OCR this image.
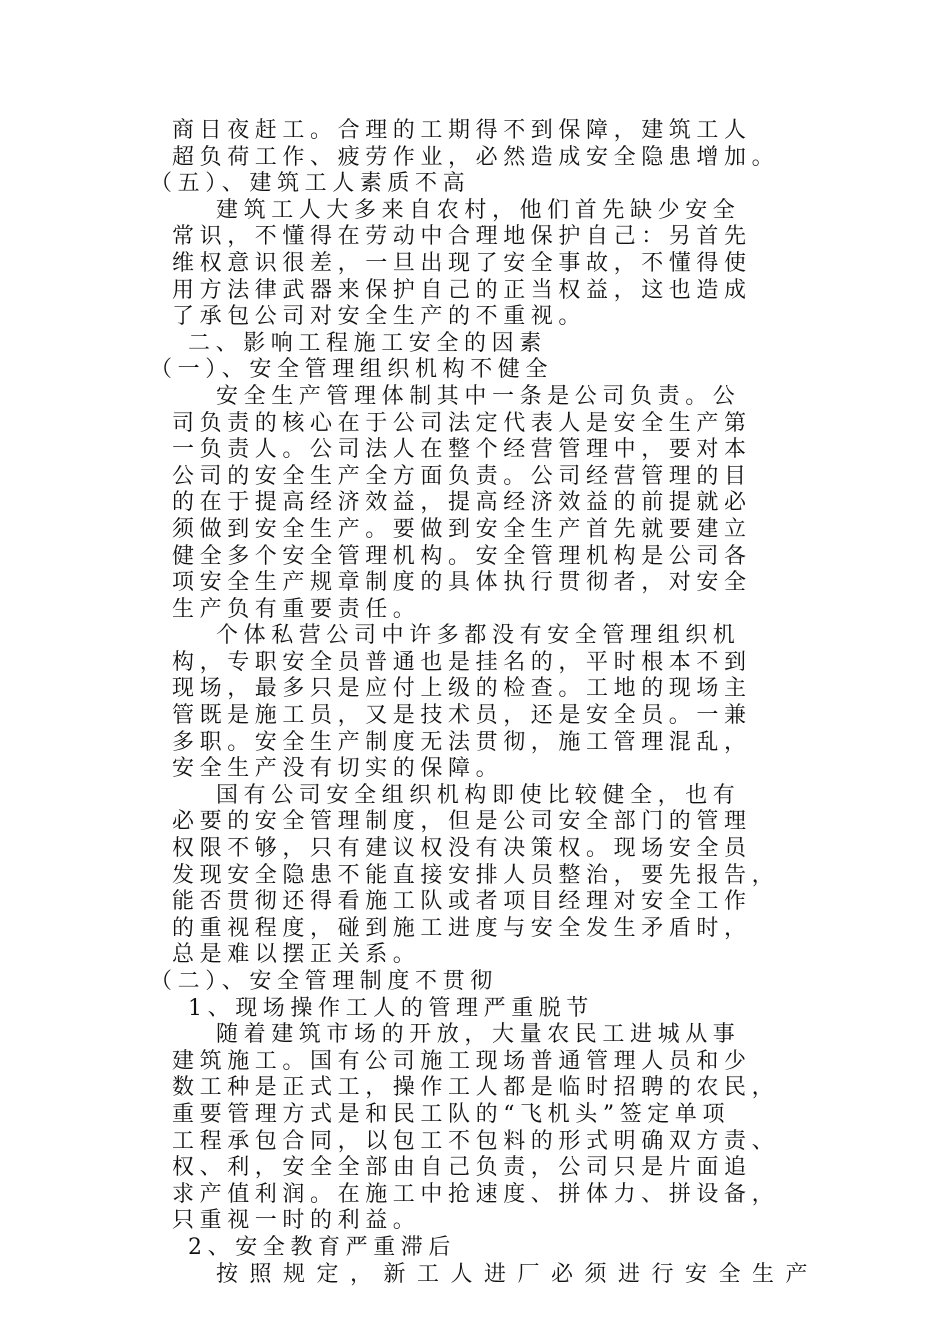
商日夜赶工。合理的工期得不到保障，建筑工人
超负荷工作、疲劳作业，必然造成安全隐患增加。
（五）、建筑工人素质不高
建筑工人大多来自农村，他们首先缺少安全
常识，不懂得在劳动中合理地保护自己：另首先
维权意识很差，一旦出现了安全事故，不懂得使
用方法律武器来保护自己的正当权益，这也造成
了承包公司对安全生产的不重视。
二、影响工程施工安全的因素
（一）、安全管理组织机构不健全
安全生产管理体制其中一条是公司负责。公
司负责的核心在于公司法定代表人是安全生产第
一负责人。公司法人在整个经营管理中，要对本
公司的安全生产全方面负责。公司经营管理的目
的在于提高经济效益，提高经济效益的前提就必
须做到安全生产。要做到安全生产首先就要建立
健全多个安全管理机构。安全管理机构是公司各
项安全生产规章制度的具体执行贯彻者，对安全
生产负有重要责任。
个体私营公司中许多都没有安全管理组织机
构，专职安全员普通也是挂名的，平时根本不到
现场，最多只是应付上级的检查。工地的现场主
管既是施工员，又是技术员，还是安全员。一兼
多职。安全生产制度无法贯彻，施工管理混乱，
安全生产没有切实的保障。
国有公司安全组织机构即使比较健全，也有
必要的安全管理制度，但是公司安全部门的管理
权限不够，只有建议权没有决策权。现场安全员
发现安全隐患不能直接安排人员整治，要先报告，
能否贯彻还得看施工队或者项目经理对安全工作
的重视程度，碰到施工进度与安全发生矛盾时，
总是难以摆正关系。
（二）、安全管理制度不贯彻
1、现场操作工人的管理严重脱节
随着建筑市场的开放，大量农民工进城从事
建筑施工。国有公司施工现场普通管理人员和少
数工种是正式工，操作工人都是临时招聘的农民，
重要管理方式是和民工队的“飞机头”签定单项
工程承包合同，以包工不包料的形式明确双方责、
权、利，安全全部由自己负责，公司只是片面追
求产值利润。在施工中抢速度、拼体力、拼设备，
只重视一时的利益。
2、安全教育严重滞后
按照规定，新工人进厂必须进行安全生产
